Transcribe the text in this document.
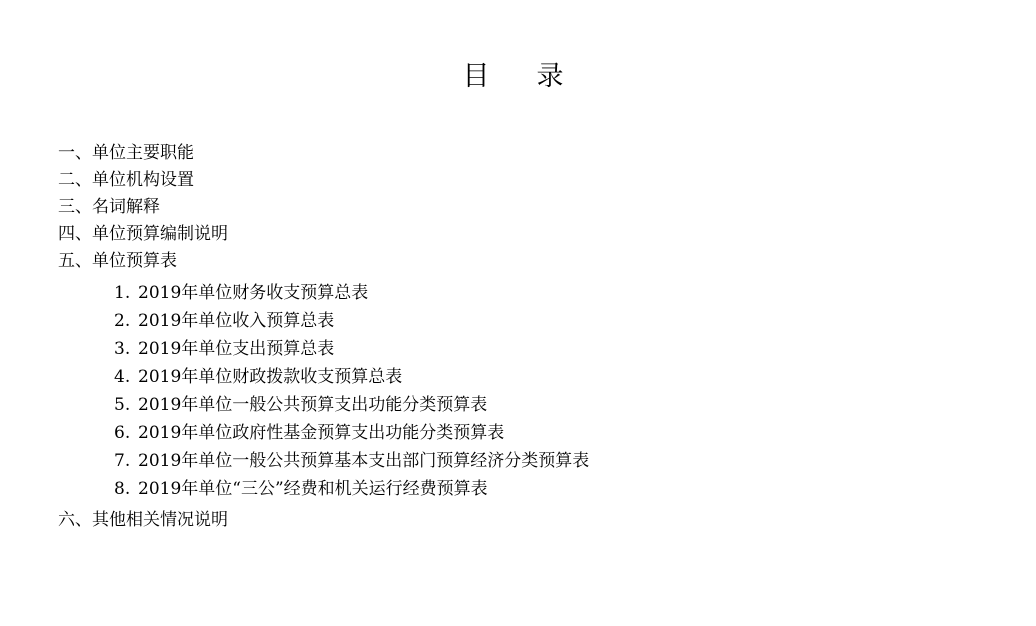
目　录
一、单位主要职能
二、单位机构设置
三、名词解释
四、单位预算编制说明
五、单位预算表
1. 2019年单位财务收支预算总表
2. 2019年单位收入预算总表
3. 2019年单位支出预算总表
4. 2019年单位财政拨款收支预算总表
5. 2019年单位一般公共预算支出功能分类预算表
6. 2019年单位政府性基金预算支出功能分类预算表
7. 2019年单位一般公共预算基本支出部门预算经济分类预算表
8. 2019年单位“三公”经费和机关运行经费预算表
六、其他相关情况说明
